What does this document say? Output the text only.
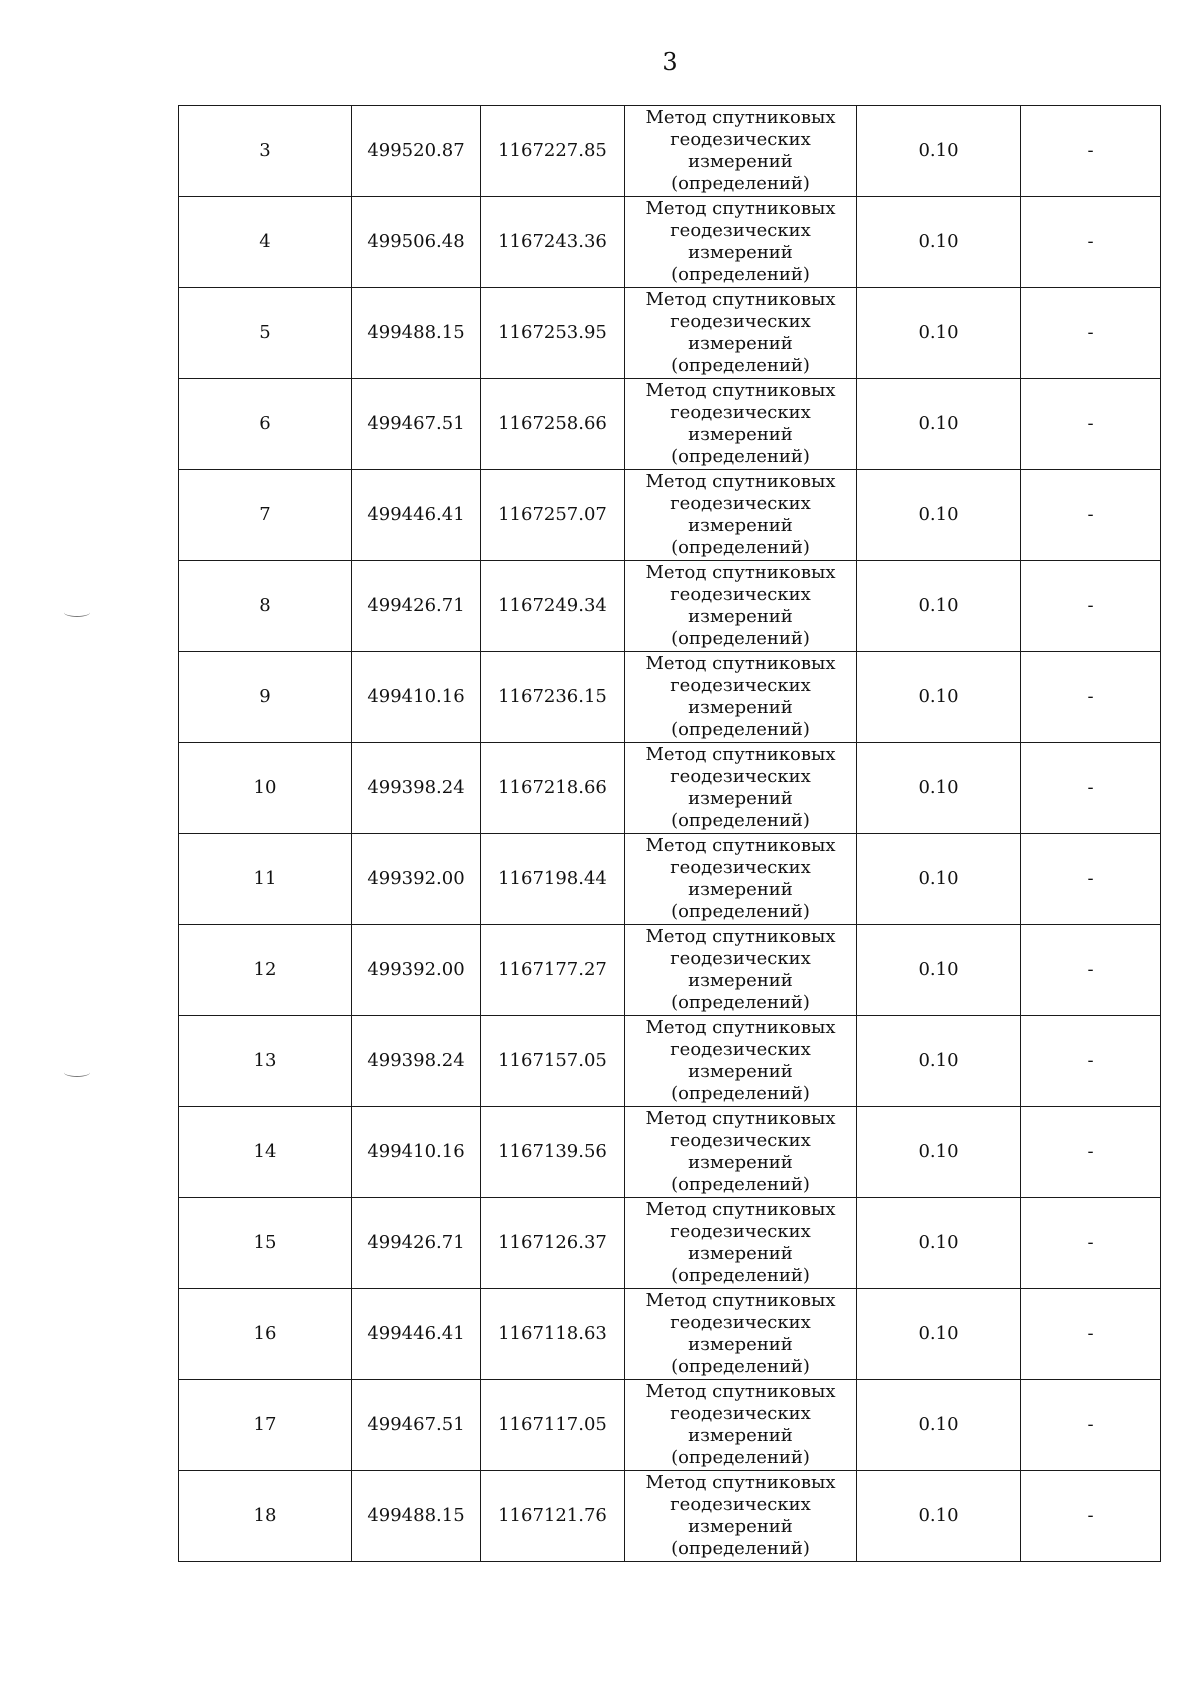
3
3	499520.87	1167227.85	Метод спутниковых
геодезических
измерений
(определений)	0.10	-
4	499506.48	1167243.36	Метод спутниковых
геодезических
измерений
(определений)	0.10	-
5	499488.15	1167253.95	Метод спутниковых
геодезических
измерений
(определений)	0.10	-
6	499467.51	1167258.66	Метод спутниковых
геодезических
измерений
(определений)	0.10	-
7	499446.41	1167257.07	Метод спутниковых
геодезических
измерений
(определений)	0.10	-
8	499426.71	1167249.34	Метод спутниковых
геодезических
измерений
(определений)	0.10	-
9	499410.16	1167236.15	Метод спутниковых
геодезических
измерений
(определений)	0.10	-
10	499398.24	1167218.66	Метод спутниковых
геодезических
измерений
(определений)	0.10	-
11	499392.00	1167198.44	Метод спутниковых
геодезических
измерений
(определений)	0.10	-
12	499392.00	1167177.27	Метод спутниковых
геодезических
измерений
(определений)	0.10	-
13	499398.24	1167157.05	Метод спутниковых
геодезических
измерений
(определений)	0.10	-
14	499410.16	1167139.56	Метод спутниковых
геодезических
измерений
(определений)	0.10	-
15	499426.71	1167126.37	Метод спутниковых
геодезических
измерений
(определений)	0.10	-
16	499446.41	1167118.63	Метод спутниковых
геодезических
измерений
(определений)	0.10	-
17	499467.51	1167117.05	Метод спутниковых
геодезических
измерений
(определений)	0.10	-
18	499488.15	1167121.76	Метод спутниковых
геодезических
измерений
(определений)	0.10	-
